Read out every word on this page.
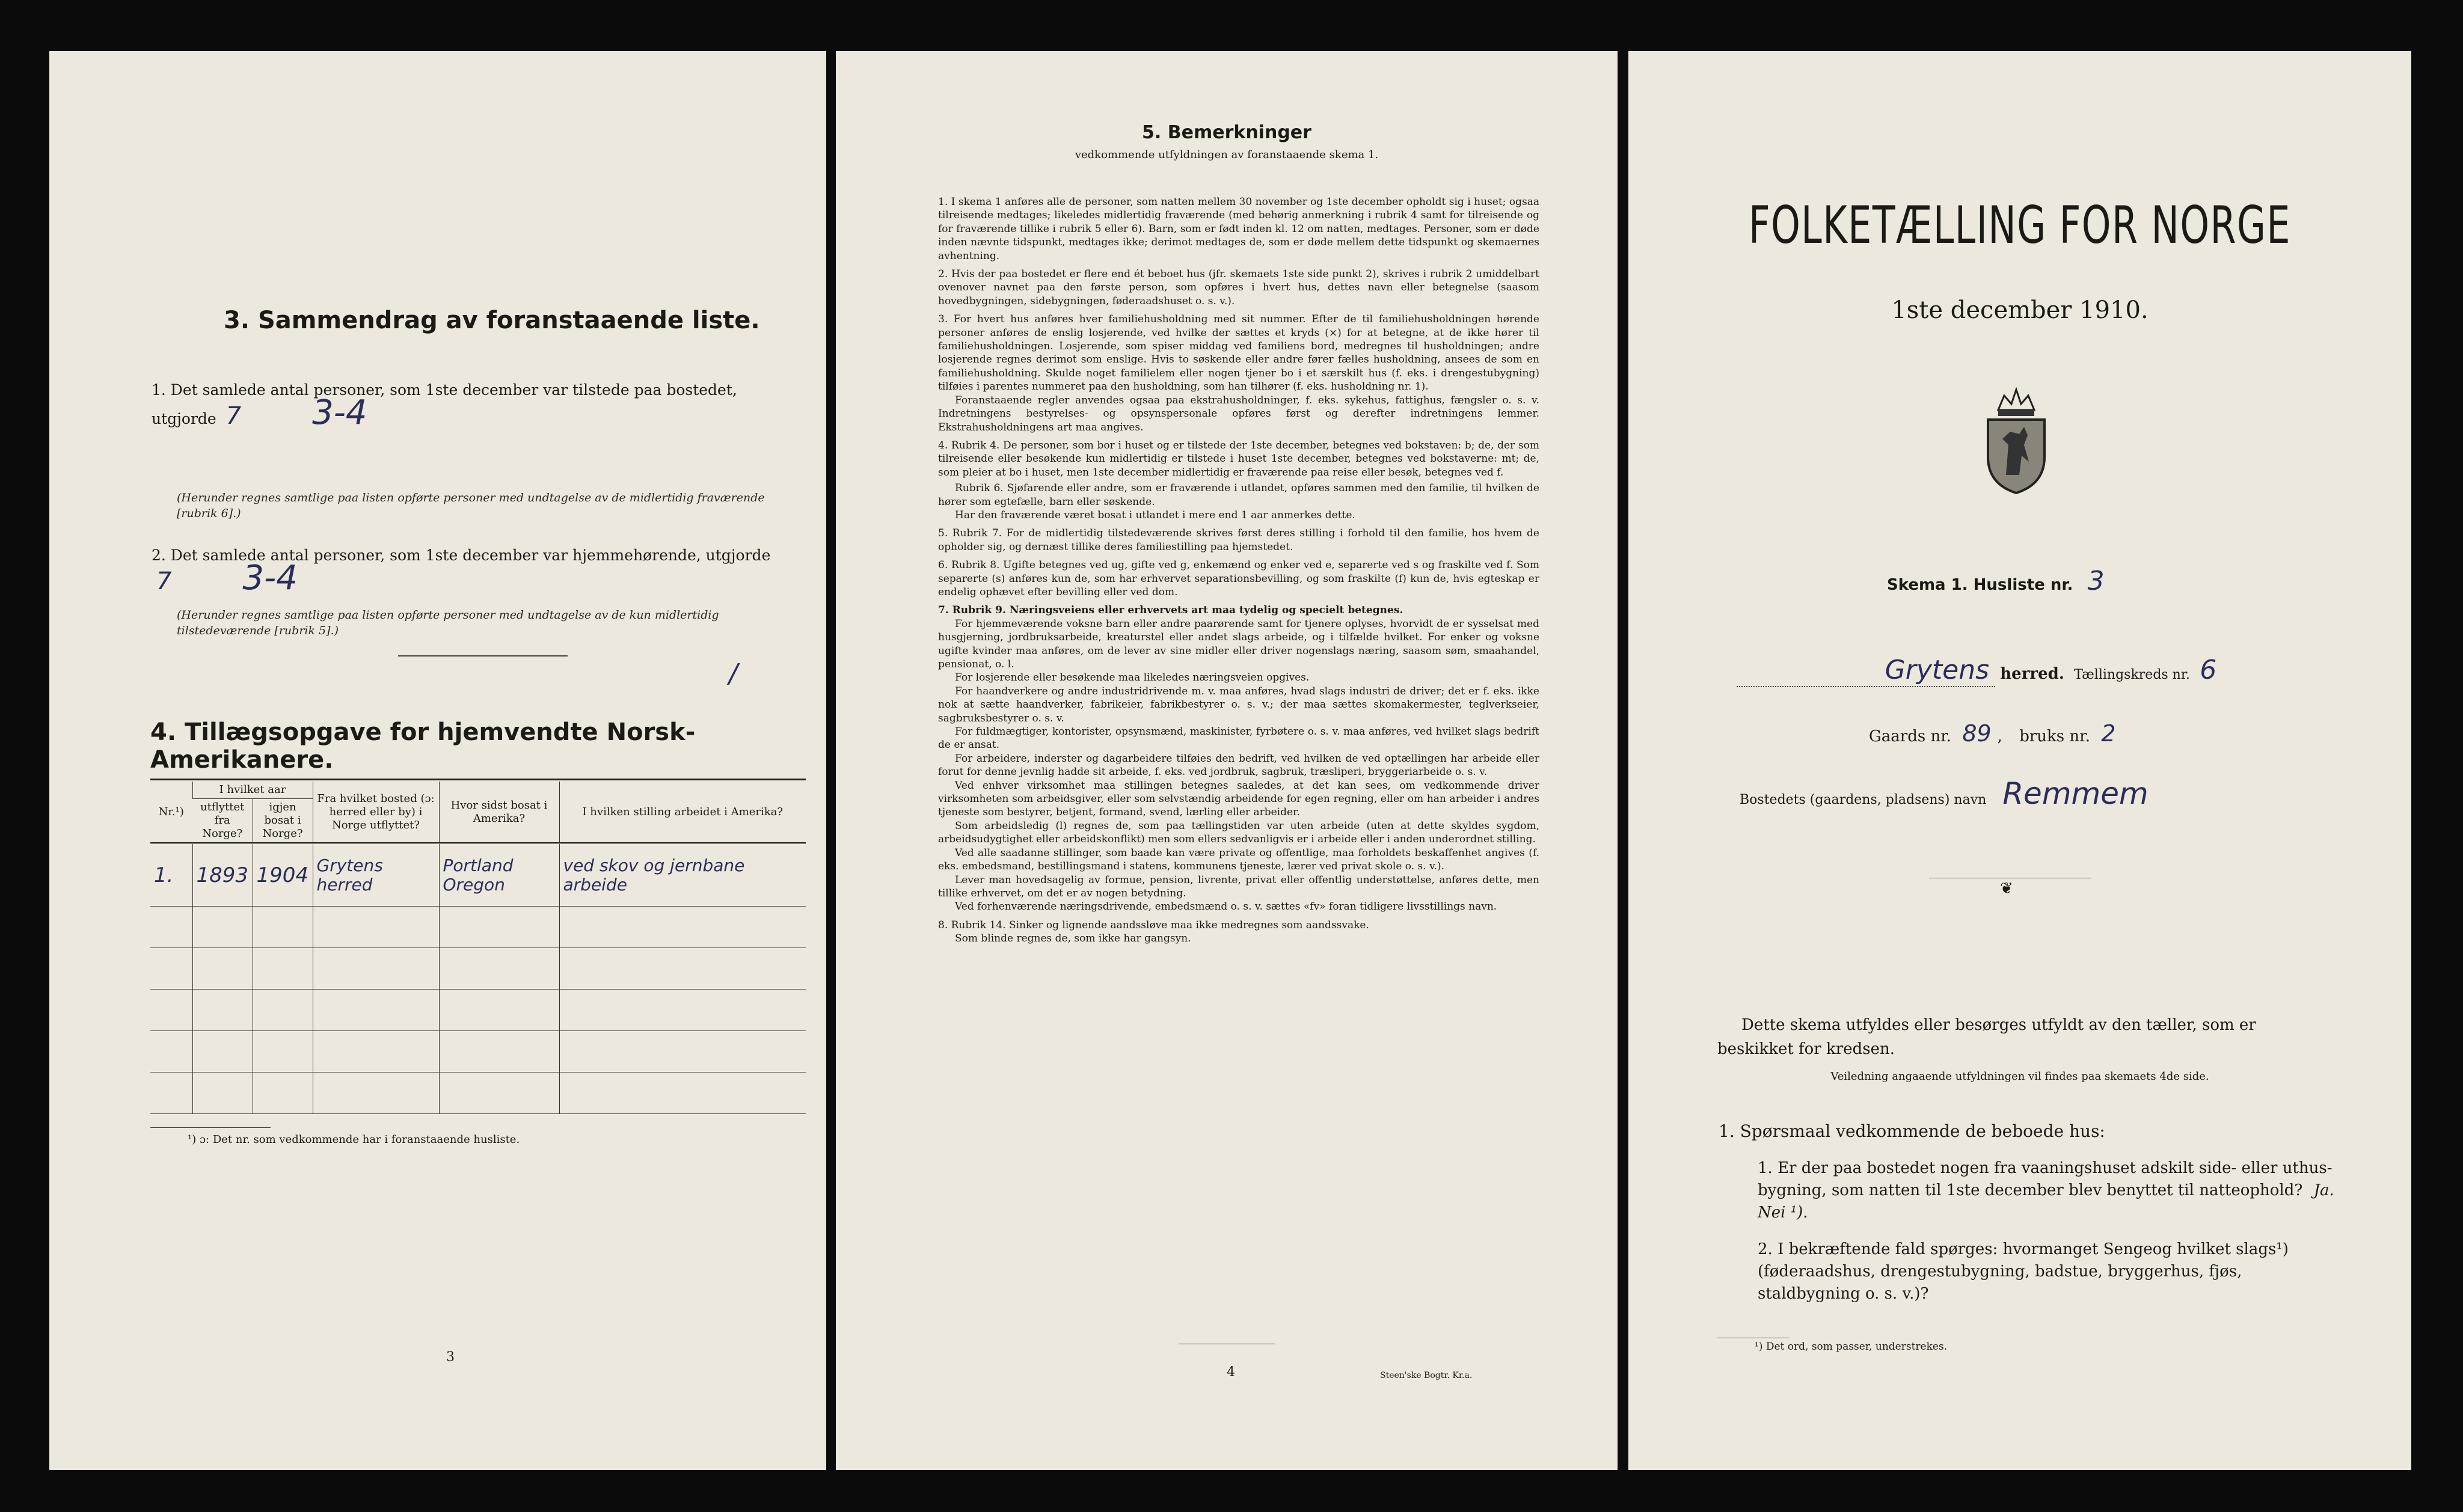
3. Sammendrag av foranstaaende liste.
1. Det samlede antal personer, som 1ste december var tilstede paa bostedet, utgjorde 7 3-4
(Herunder regnes samtlige paa listen opførte personer med undtagelse av de midlertidig fraværende [rubrik 6].)
2. Det samlede antal personer, som 1ste december var hjemmehørende, utgjorde 7 3-4
(Herunder regnes samtlige paa listen opførte personer med undtagelse av de kun midlertidig tilstedeværende [rubrik 5].)
/
4. Tillægsopgave for hjemvendte Norsk-Amerikanere.
Nr.¹)	I hvilket aar		Fra hvilket bosted (ɔ: herred eller by) i Norge utflyttet?	Hvor sidst bosat i Amerika?	I hvilken stilling arbeidet i Amerika?
	utflyttet fra Norge?	igjen bosat i Norge?			
1.	1893	1904	Grytens herred	Portland Oregon	ved skov og jernbane arbeide

¹) ɔ: Det nr. som vedkommende har i foranstaaende husliste.
3
5. Bemerkninger
vedkommende utfyldningen av foranstaaende skema 1.

1. I skema 1 anføres alle de personer, som natten mellem 30 november og 1ste december opholdt sig i huset; ogsaa tilreisende medtages; likeledes midlertidig fraværende (med behørig anmerkning i rubrik 4 samt for tilreisende og for fraværende tillike i rubrik 5 eller 6). Barn, som er født inden kl. 12 om natten, medtages. Personer, som er døde inden nævnte tidspunkt, medtages ikke; derimot medtages de, som er døde mellem dette tidspunkt og skemaernes avhentning.

2. Hvis der paa bostedet er flere end ét beboet hus (jfr. skemaets 1ste side punkt 2), skrives i rubrik 2 umiddelbart ovenover navnet paa den første person, som opføres i hvert hus, dettes navn eller betegnelse (saasom hovedbygningen, sidebygningen, føderaadshuset o. s. v.).

3. For hvert hus anføres hver familiehusholdning med sit nummer. Efter de til familiehusholdningen hørende personer anføres de enslig losjerende, ved hvilke der sættes et kryds (×) for at betegne, at de ikke hører til familiehusholdningen. Losjerende, som spiser middag ved familiens bord, medregnes til husholdningen; andre losjerende regnes derimot som enslige. Hvis to søskende eller andre fører fælles husholdning, ansees de som en familiehusholdning. Skulde noget familielem eller nogen tjener bo i et særskilt hus (f. eks. i drengestubygning) tilføies i parentes nummeret paa den husholdning, som han tilhører (f. eks. husholdning nr. 1).

Foranstaaende regler anvendes ogsaa paa ekstrahusholdninger, f. eks. sykehus, fattighus, fængsler o. s. v. Indretningens bestyrelses- og opsynspersonale opføres først og derefter indretningens lemmer. Ekstrahusholdningens art maa angives.

4. Rubrik 4. De personer, som bor i huset og er tilstede der 1ste december, betegnes ved bokstaven: b; de, der som tilreisende eller besøkende kun midlertidig er tilstede i huset 1ste december, betegnes ved bokstaverne: mt; de, som pleier at bo i huset, men 1ste december midlertidig er fraværende paa reise eller besøk, betegnes ved f.

Rubrik 6. Sjøfarende eller andre, som er fraværende i utlandet, opføres sammen med den familie, til hvilken de hører som egtefælle, barn eller søskende.

Har den fraværende været bosat i utlandet i mere end 1 aar anmerkes dette.

5. Rubrik 7. For de midlertidig tilstedeværende skrives først deres stilling i forhold til den familie, hos hvem de opholder sig, og dernæst tillike deres familiestilling paa hjemstedet.

6. Rubrik 8. Ugifte betegnes ved ug, gifte ved g, enkemænd og enker ved e, separerte ved s og fraskilte ved f. Som separerte (s) anføres kun de, som har erhvervet separationsbevilling, og som fraskilte (f) kun de, hvis egteskap er endelig ophævet efter bevilling eller ved dom.

7. Rubrik 9. Næringsveiens eller erhvervets art maa tydelig og specielt betegnes.

For hjemmeværende voksne barn eller andre paarørende samt for tjenere oplyses, hvorvidt de er sysselsat med husgjerning, jordbruksarbeide, kreaturstel eller andet slags arbeide, og i tilfælde hvilket. For enker og voksne ugifte kvinder maa anføres, om de lever av sine midler eller driver nogenslags næring, saasom søm, smaahandel, pensionat, o. l.

For losjerende eller besøkende maa likeledes næringsveien opgives.

For haandverkere og andre industridrivende m. v. maa anføres, hvad slags industri de driver; det er f. eks. ikke nok at sætte haandverker, fabrikeier, fabrikbestyrer o. s. v.; der maa sættes skomakermester, teglverkseier, sagbruksbestyrer o. s. v.

For fuldmægtiger, kontorister, opsynsmænd, maskinister, fyrbøtere o. s. v. maa anføres, ved hvilket slags bedrift de er ansat.

For arbeidere, inderster og dagarbeidere tilføies den bedrift, ved hvilken de ved optællingen har arbeide eller forut for denne jevnlig hadde sit arbeide, f. eks. ved jordbruk, sagbruk, træsliperi, bryggeriarbeide o. s. v.

Ved enhver virksomhet maa stillingen betegnes saaledes, at det kan sees, om vedkommende driver virksomheten som arbeidsgiver, eller som selvstændig arbeidende for egen regning, eller om han arbeider i andres tjeneste som bestyrer, betjent, formand, svend, lærling eller arbeider.

Som arbeidsledig (l) regnes de, som paa tællingstiden var uten arbeide (uten at dette skyldes sygdom, arbeidsudygtighet eller arbeidskonflikt) men som ellers sedvanligvis er i arbeide eller i anden underordnet stilling.

Ved alle saadanne stillinger, som baade kan være private og offentlige, maa forholdets beskaffenhet angives (f. eks. embedsmand, bestillingsmand i statens, kommunens tjeneste, lærer ved privat skole o. s. v.).

Lever man hovedsagelig av formue, pension, livrente, privat eller offentlig understøttelse, anføres dette, men tillike erhvervet, om det er av nogen betydning.

Ved forhenværende næringsdrivende, embedsmænd o. s. v. sættes «fv» foran tidligere livsstillings navn.

8. Rubrik 14. Sinker og lignende aandssløve maa ikke medregnes som aandssvake.

Som blinde regnes de, som ikke har gangsyn.

4	Steen'ske Bogtr. Kr.a.
FOLKETÆLLING FOR NORGE
1ste december 1910.
Skema 1. Husliste nr. 3
Grytens herred. Tællingskreds nr. 6
Gaards nr. 89 , bruks nr. 2
Bostedets (gaardens, pladsens) navn Remmem
❦
Dette skema utfyldes eller besørges utfyldt av den tæller, som er beskikket for kredsen.
Veiledning angaaende utfyldningen vil findes paa skemaets 4de side.
1. Spørsmaal vedkommende de beboede hus:
1. Er der paa bostedet nogen fra vaaningshuset adskilt side- eller uthus-bygning, som natten til 1ste december blev benyttet til natteophold? Ja. Nei ¹).
2. I bekræftende fald spørges: hvormanget Sengeog hvilket slags¹) (føderaadshus, drengestubygning, badstue, bryggerhus, fjøs, staldbygning o. s. v.)?
¹) Det ord, som passer, understrekes.
